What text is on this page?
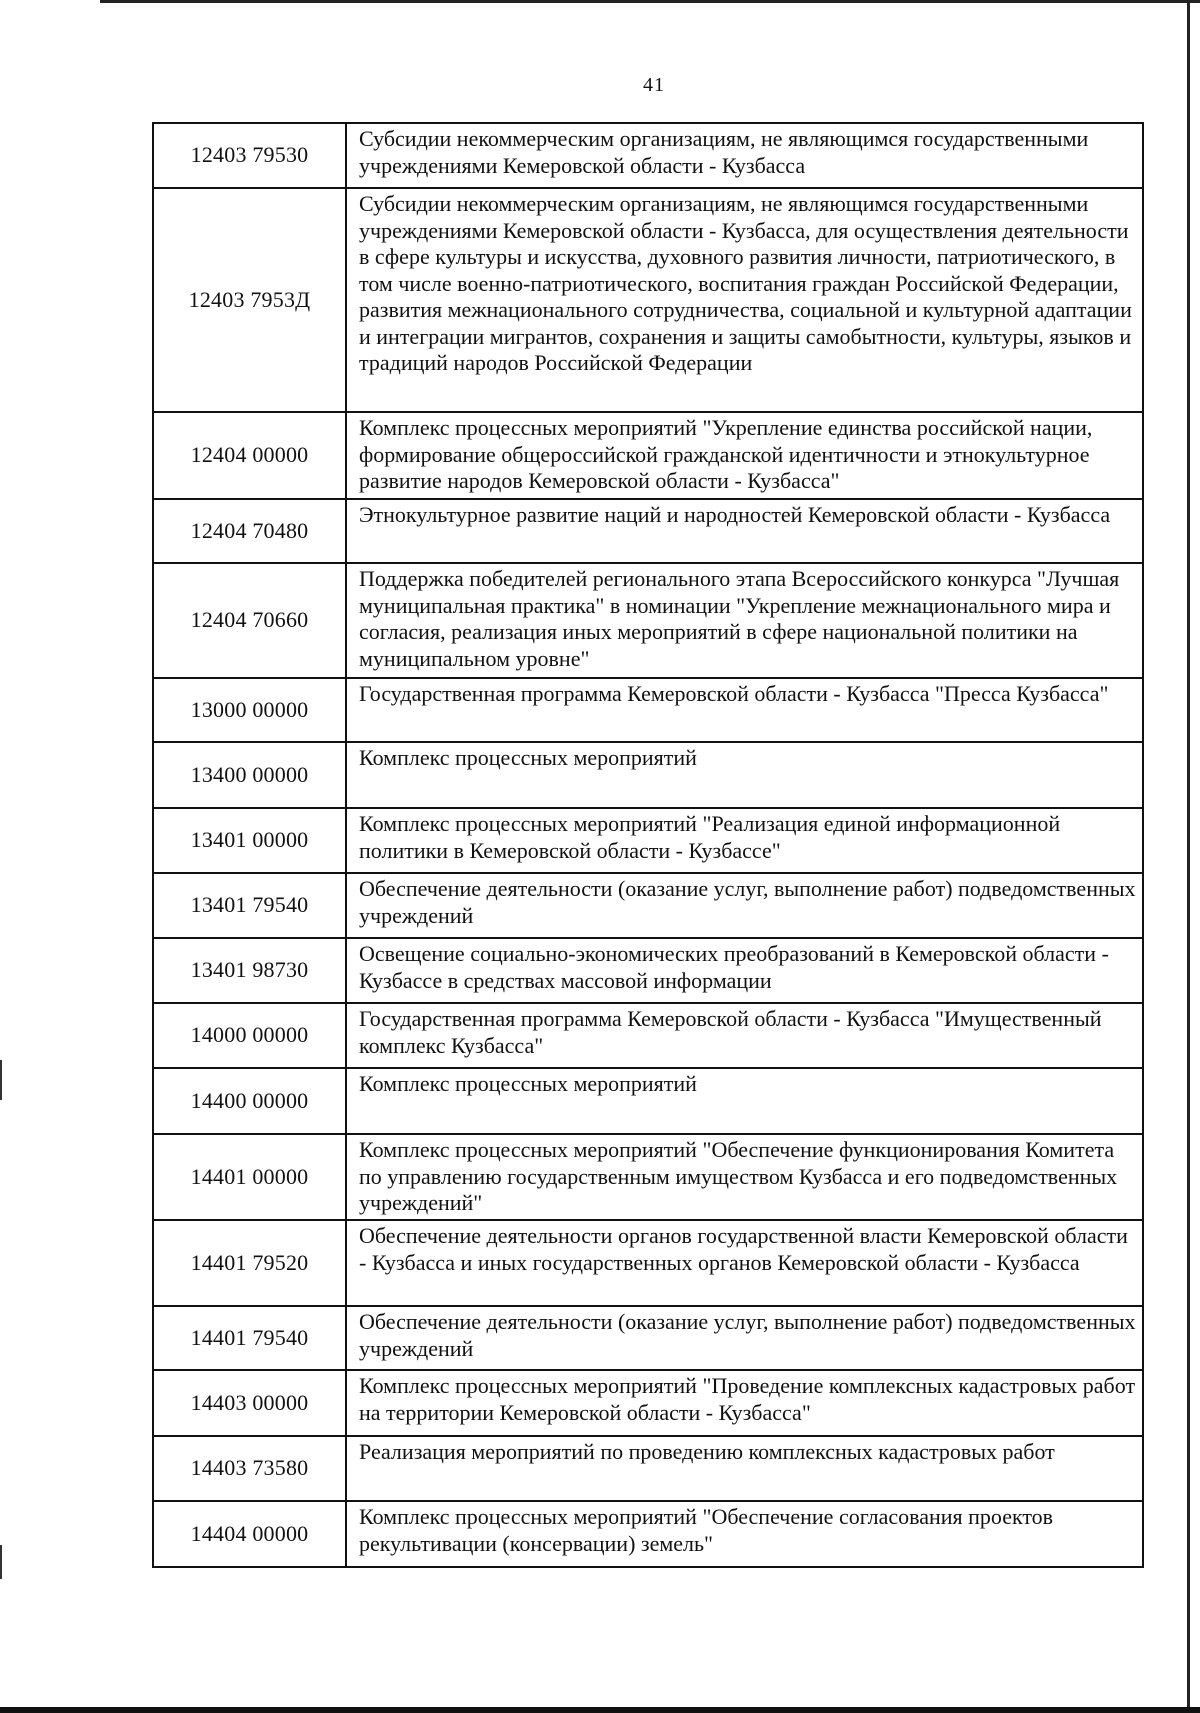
41
12403 79530	Субсидии некоммерческим организациям, не являющимся государственными учреждениями Кемеровской области - Кузбасса
12403 7953Д	Субсидии некоммерческим организациям, не являющимся государственными учреждениями Кемеровской области - Кузбасса, для осуществления деятельности в сфере культуры и искусства, духовного развития личности, патриотического, в том числе военно-патриотического, воспитания граждан Российской Федерации, развития межнационального сотрудничества, социальной и культурной адаптации и интеграции мигрантов, сохранения и защиты самобытности, культуры, языков и традиций народов Российской Федерации
12404 00000	Комплекс процессных мероприятий "Укрепление единства российской нации, формирование общероссийской гражданской идентичности и этнокультурное развитие народов Кемеровской области - Кузбасса"
12404 70480	Этнокультурное развитие наций и народностей Кемеровской области - Кузбасса
12404 70660	Поддержка победителей регионального этапа Всероссийского конкурса "Лучшая муниципальная практика" в номинации "Укрепление межнационального мира и согласия, реализация иных мероприятий в сфере национальной политики на муниципальном уровне"
13000 00000	Государственная программа Кемеровской области - Кузбасса "Пресса Кузбасса"
13400 00000	Комплекс процессных мероприятий
13401 00000	Комплекс процессных мероприятий "Реализация единой информационной политики в Кемеровской области - Кузбассе"
13401 79540	Обеспечение деятельности (оказание услуг, выполнение работ) подведомственных учреждений
13401 98730	Освещение социально-экономических преобразований в Кемеровской области - Кузбассе в средствах массовой информации
14000 00000	Государственная программа Кемеровской области - Кузбасса "Имущественный комплекс Кузбасса"
14400 00000	Комплекс процессных мероприятий
14401 00000	Комплекс процессных мероприятий "Обеспечение функционирования Комитета по управлению государственным имуществом Кузбасса и его подведомственных учреждений"
14401 79520	Обеспечение деятельности органов государственной власти Кемеровской области - Кузбасса и иных государственных органов Кемеровской области - Кузбасса
14401 79540	Обеспечение деятельности (оказание услуг, выполнение работ) подведомственных учреждений
14403 00000	Комплекс процессных мероприятий "Проведение комплексных кадастровых работ на территории Кемеровской области - Кузбасса"
14403 73580	Реализация мероприятий по проведению комплексных кадастровых работ
14404 00000	Комплекс процессных мероприятий "Обеспечение согласования проектов рекультивации (консервации) земель"
